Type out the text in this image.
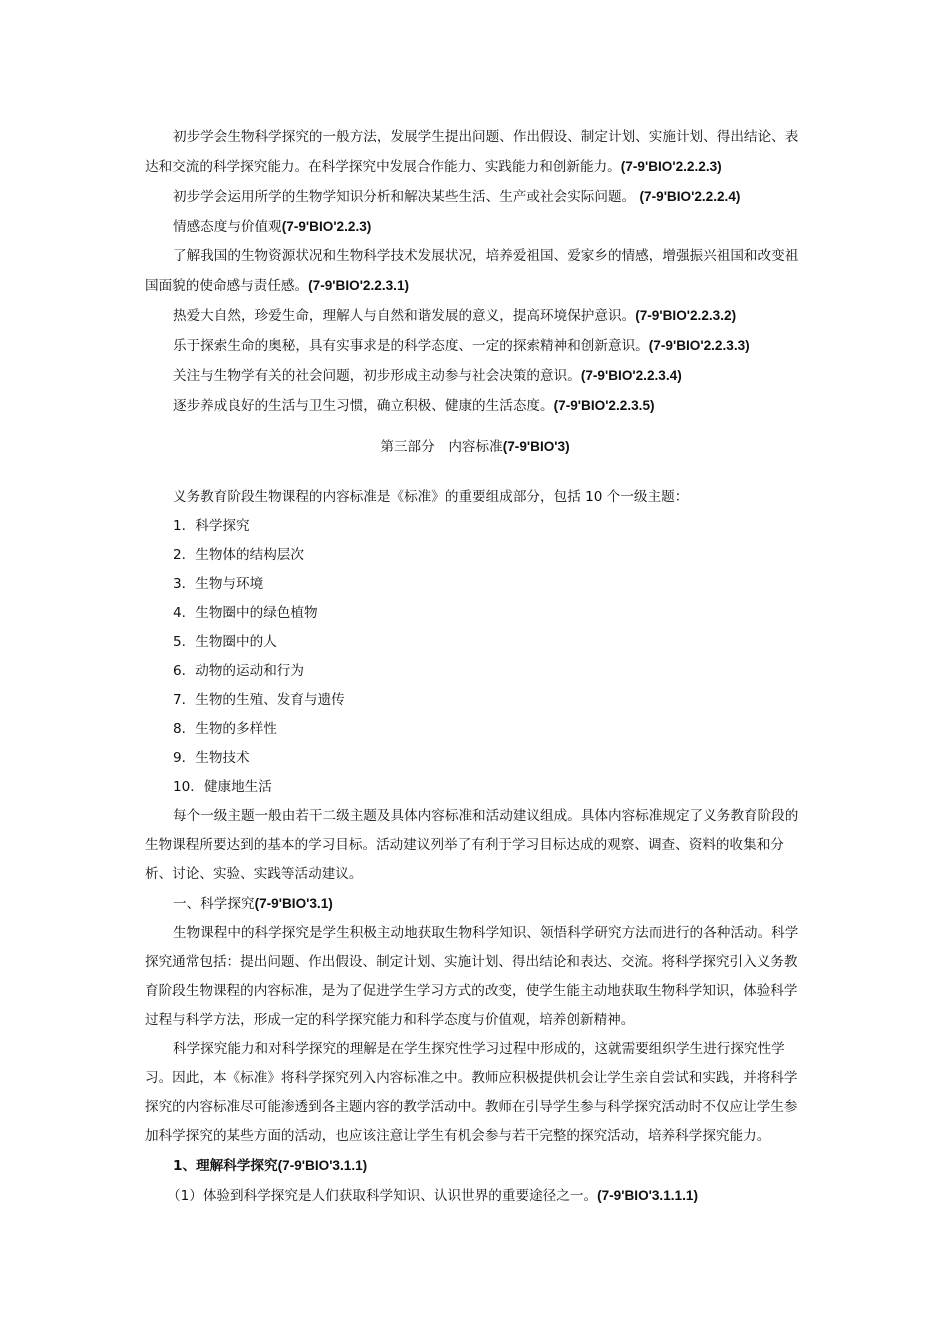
初步学会生物科学探究的一般方法，发展学生提出问题、作出假设、制定计划、实施计划、得出结论、表达和交流的科学探究能力。在科学探究中发展合作能力、实践能力和创新能力。(7-9'BIO'2.2.2.3)

初步学会运用所学的生物学知识分析和解决某些生活、生产或社会实际问题。 (7-9'BIO'2.2.2.4)

情感态度与价值观(7-9'BIO'2.2.3)

了解我国的生物资源状况和生物科学技术发展状况，培养爱祖国、爱家乡的情感，增强振兴祖国和改变祖国面貌的使命感与责任感。(7-9'BIO'2.2.3.1)

热爱大自然，珍爱生命，理解人与自然和谐发展的意义，提高环境保护意识。(7-9'BIO'2.2.3.2)

乐于探索生命的奥秘，具有实事求是的科学态度、一定的探索精神和创新意识。(7-9'BIO'2.2.3.3)

关注与生物学有关的社会问题，初步形成主动参与社会决策的意识。(7-9'BIO'2.2.3.4)

逐步养成良好的生活与卫生习惯，确立积极、健康的生活态度。(7-9'BIO'2.2.3.5)

第三部分　内容标准(7-9'BIO'3)

义务教育阶段生物课程的内容标准是《标准》的重要组成部分，包括 10 个一级主题：

1．科学探究

2．生物体的结构层次

3．生物与环境

4．生物圈中的绿色植物

5．生物圈中的人

6．动物的运动和行为

7．生物的生殖、发育与遗传

8．生物的多样性

9．生物技术

10．健康地生活

每个一级主题一般由若干二级主题及具体内容标准和活动建议组成。具体内容标准规定了义务教育阶段的生物课程所要达到的基本的学习目标。活动建议列举了有利于学习目标达成的观察、调查、资料的收集和分析、讨论、实验、实践等活动建议。

一、科学探究(7-9'BIO'3.1)

生物课程中的科学探究是学生积极主动地获取生物科学知识、领悟科学研究方法而进行的各种活动。科学探究通常包括：提出问题、作出假设、制定计划、实施计划、得出结论和表达、交流。将科学探究引入义务教育阶段生物课程的内容标准，是为了促进学生学习方式的改变，使学生能主动地获取生物科学知识，体验科学过程与科学方法，形成一定的科学探究能力和科学态度与价值观，培养创新精神。

科学探究能力和对科学探究的理解是在学生探究性学习过程中形成的，这就需要组织学生进行探究性学习。因此，本《标准》将科学探究列入内容标准之中。教师应积极提供机会让学生亲自尝试和实践，并将科学探究的内容标准尽可能渗透到各主题内容的教学活动中。教师在引导学生参与科学探究活动时不仅应让学生参加科学探究的某些方面的活动，也应该注意让学生有机会参与若干完整的探究活动，培养科学探究能力。

1、理解科学探究(7-9'BIO'3.1.1)

（1）体验到科学探究是人们获取科学知识、认识世界的重要途径之一。(7-9'BIO'3.1.1.1)
